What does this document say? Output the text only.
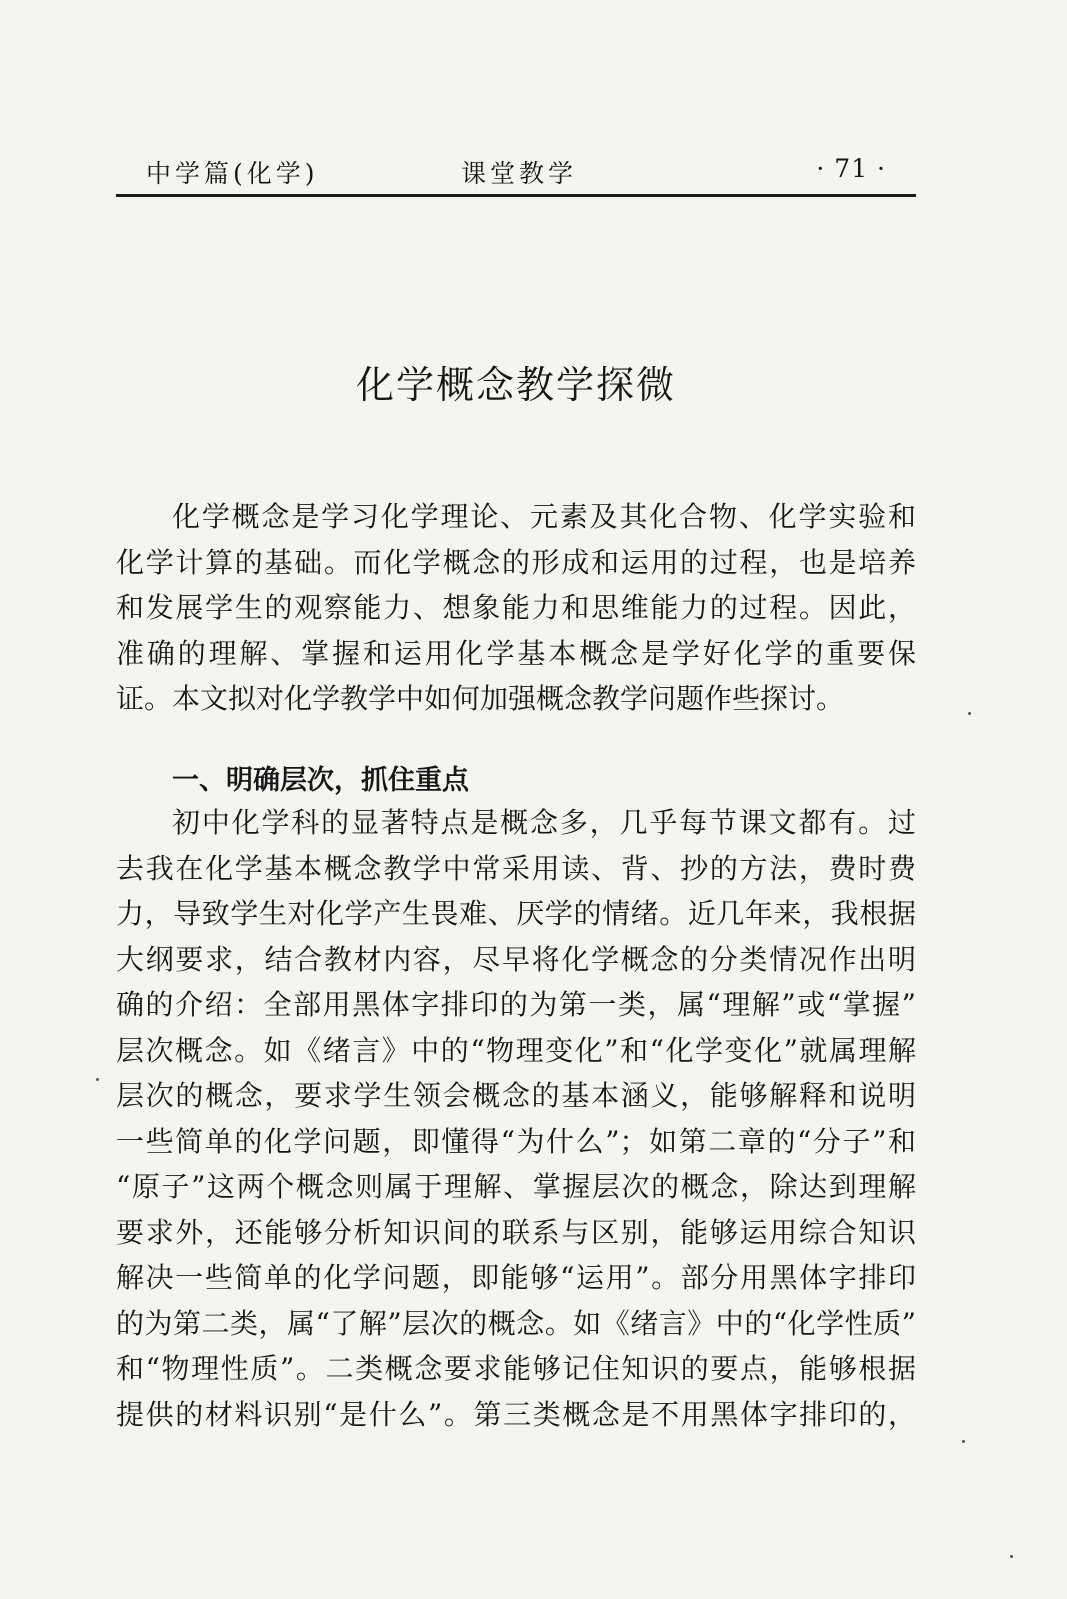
中学篇(化学)	课堂教学	· 71 ·
化学概念教学探微
化学概念是学习化学理论、元素及其化合物、化学实验和
化学计算的基础。而化学概念的形成和运用的过程，也是培养
和发展学生的观察能力、想象能力和思维能力的过程。因此，
准确的理解、掌握和运用化学基本概念是学好化学的重要保
证。本文拟对化学教学中如何加强概念教学问题作些探讨。
一、明确层次，抓住重点
初中化学科的显著特点是概念多，几乎每节课文都有。过
去我在化学基本概念教学中常采用读、背、抄的方法，费时费
力，导致学生对化学产生畏难、厌学的情绪。近几年来，我根据
大纲要求，结合教材内容，尽早将化学概念的分类情况作出明
确的介绍：全部用黑体字排印的为第一类，属“理解”或“掌握”
层次概念。如《绪言》中的“物理变化”和“化学变化”就属理解
层次的概念，要求学生领会概念的基本涵义，能够解释和说明
一些简单的化学问题，即懂得“为什么”；如第二章的“分子”和
“原子”这两个概念则属于理解、掌握层次的概念，除达到理解
要求外，还能够分析知识间的联系与区别，能够运用综合知识
解决一些简单的化学问题，即能够“运用”。部分用黑体字排印
的为第二类，属“了解”层次的概念。如《绪言》中的“化学性质”
和“物理性质”。二类概念要求能够记住知识的要点，能够根据
提供的材料识别“是什么”。第三类概念是不用黑体字排印的，
